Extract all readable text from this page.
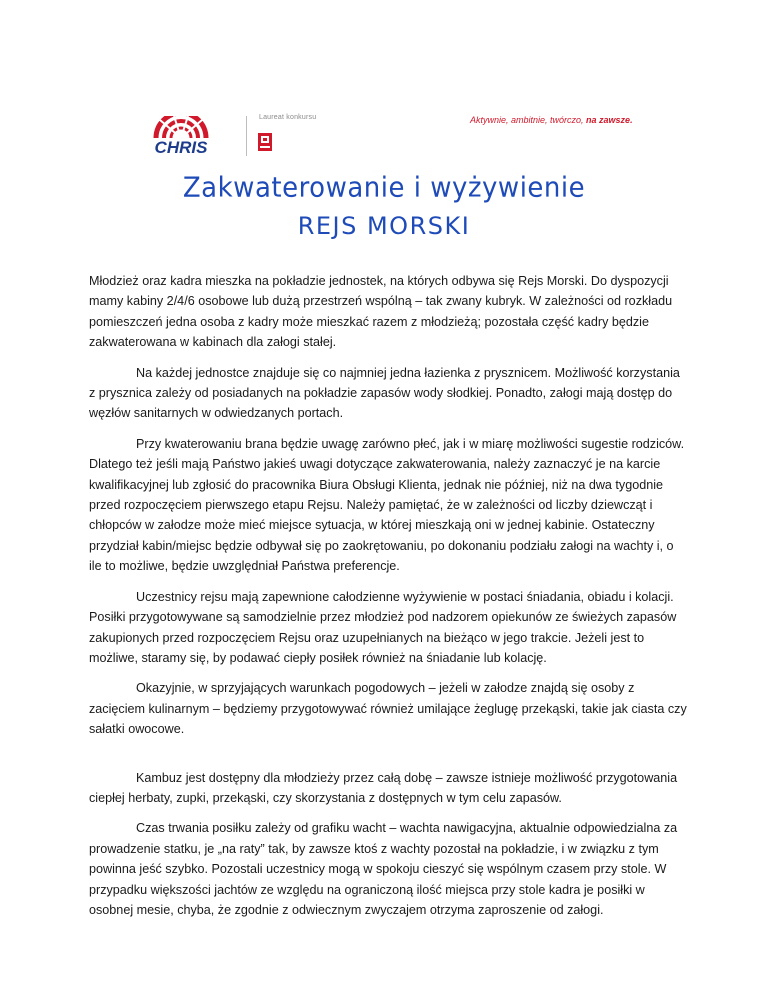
CHRIS
Laureat konkursu	Aktywnie, ambitnie, twórczo, na zawsze.
Zakwaterowanie i wyżywienie
REJS MORSKI

Młodzież oraz kadra mieszka na pokładzie jednostek, na których odbywa się Rejs Morski. Do dyspozycji mamy kabiny 2/4/6 osobowe lub dużą przestrzeń wspólną – tak zwany kubryk. W zależności od rozkładu pomieszczeń jedna osoba z kadry może mieszkać razem z młodzieżą; pozostała część kadry będzie zakwaterowana w kabinach dla załogi stałej.

Na każdej jednostce znajduje się co najmniej jedna łazienka z prysznicem. Możliwość korzystania z prysznica zależy od posiadanych na pokładzie zapasów wody słodkiej. Ponadto, załogi mają dostęp do węzłów sanitarnych w odwiedzanych portach.

Przy kwaterowaniu brana będzie uwagę zarówno płeć, jak i w miarę możliwości sugestie rodziców. Dlatego też jeśli mają Państwo jakieś uwagi dotyczące zakwaterowania, należy zaznaczyć je na karcie kwalifikacyjnej lub zgłosić do pracownika Biura Obsługi Klienta, jednak nie później, niż na dwa tygodnie przed rozpoczęciem pierwszego etapu Rejsu. Należy pamiętać, że w zależności od liczby dziewcząt i chłopców w załodze może mieć miejsce sytuacja, w której mieszkają oni w jednej kabinie. Ostateczny przydział kabin/miejsc będzie odbywał się po zaokrętowaniu, po dokonaniu podziału załogi na wachty i, o ile to możliwe, będzie uwzględniał Państwa preferencje.

Uczestnicy rejsu mają zapewnione całodzienne wyżywienie w postaci śniadania, obiadu i kolacji. Posiłki przygotowywane są samodzielnie przez młodzież pod nadzorem opiekunów ze świeżych zapasów zakupionych przed rozpoczęciem Rejsu oraz uzupełnianych na bieżąco w jego trakcie. Jeżeli jest to możliwe, staramy się, by podawać ciepły posiłek również na śniadanie lub kolację.

Okazyjnie, w sprzyjających warunkach pogodowych – jeżeli w załodze znajdą się osoby z zacięciem kulinarnym – będziemy przygotowywać również umilające żeglugę przekąski, takie jak ciasta czy sałatki owocowe.

Kambuz jest dostępny dla młodzieży przez całą dobę – zawsze istnieje możliwość przygotowania ciepłej herbaty, zupki, przekąski, czy skorzystania z dostępnych w tym celu zapasów.

Czas trwania posiłku zależy od grafiku wacht – wachta nawigacyjna, aktualnie odpowiedzialna za prowadzenie statku, je „na raty” tak, by zawsze ktoś z wachty pozostał na pokładzie, i w związku z tym powinna jeść szybko. Pozostali uczestnicy mogą w spokoju cieszyć się wspólnym czasem przy stole. W przypadku większości jachtów ze względu na ograniczoną ilość miejsca przy stole kadra je posiłki w osobnej mesie, chyba, że zgodnie z odwiecznym zwyczajem otrzyma zaproszenie od załogi.
